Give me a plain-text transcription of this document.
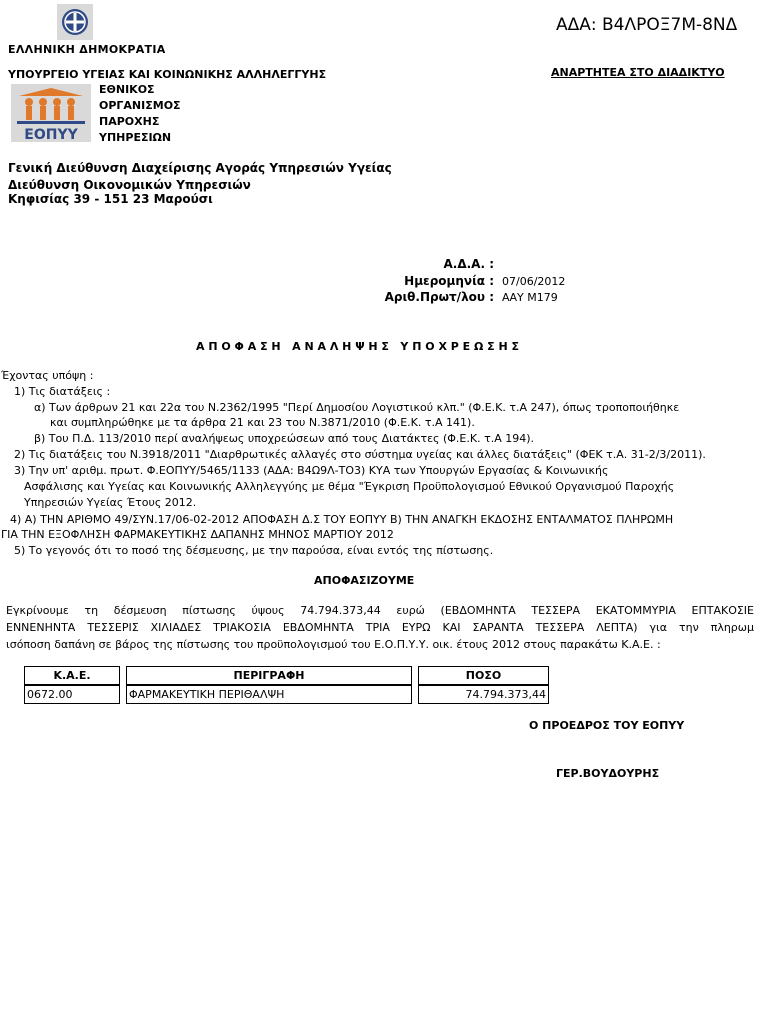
ΑΔΑ: Β4ΛΡΟΞ7Μ-8ΝΔ
ΕΛΛΗΝΙΚΗ ΔΗΜΟΚΡΑΤΙΑ
ΥΠΟΥΡΓΕΙΟ ΥΓΕΙΑΣ ΚΑΙ ΚΟΙΝΩΝΙΚΗΣ ΑΛΛΗΛΕΓΓΥΗΣ	ΑΝΑΡΤΗΤΕΑ ΣΤΟ ΔΙΑΔΙΚΤΥΟ
ΕΟΠΥΥ
ΕΘΝΙΚΟΣ
ΟΡΓΑΝΙΣΜΟΣ
ΠΑΡΟΧΗΣ
ΥΠΗΡΕΣΙΩΝ
Γενική Διεύθυνση Διαχείρισης Αγοράς Υπηρεσιών Υγείας
Διεύθυνση Οικονομικών Υπηρεσιών
Κηφισίας 39 - 151 23 Μαρούσι
Α.Δ.Α. :
Ημερομηνία : 07/06/2012
Αριθ.Πρωτ/λου : ΑΑΥ Μ179
Α Π Ο Φ Α Σ Η   Α Ν Α Λ Η Ψ Η Σ   Υ Π Ο Χ Ρ Ε Ω Σ Η Σ
Έχοντας υπόψη :
1) Τις διατάξεις :
α) Των άρθρων 21 και 22α του Ν.2362/1995 "Περί Δημοσίου Λογιστικού κλπ." (Φ.Ε.Κ. τ.Α 247), όπως τροποποιήθηκε
και συμπληρώθηκε με τα άρθρα 21 και 23 του Ν.3871/2010 (Φ.Ε.Κ. τ.Α 141).
β) Του Π.Δ. 113/2010 περί αναλήψεως υποχρεώσεων από τους Διατάκτες (Φ.Ε.Κ. τ.Α 194).
2) Τις διατάξεις του Ν.3918/2011 "Διαρθρωτικές αλλαγές στο σύστημα υγείας και άλλες διατάξεις" (ΦΕΚ τ.Α. 31-2/3/2011).
3) Την υπ' αριθμ. πρωτ. Φ.ΕΟΠΥΥ/5465/1133 (ΑΔΑ: Β4Ω9Λ-ΤΟ3) ΚΥΑ των Υπουργών Εργασίας & Κοινωνικής
Ασφάλισης και Υγείας και Κοινωνικής Αλληλεγγύης με θέμα "Έγκριση Προϋπολογισμού Εθνικού Οργανισμού Παροχής
Υπηρεσιών Υγείας Έτους 2012.
4) Α) ΤΗΝ ΑΡΙΘΜΟ 49/ΣΥΝ.17/06-02-2012 ΑΠΟΦΑΣΗ Δ.Σ ΤΟΥ ΕΟΠΥΥ Β) ΤΗΝ ΑΝΑΓΚΗ ΕΚΔΟΣΗΣ ΕΝΤΑΛΜΑΤΟΣ ΠΛΗΡΩΜΗ
ΓΙΑ ΤΗΝ ΕΞΟΦΛΗΣΗ ΦΑΡΜΑΚΕΥΤΙΚΗΣ ΔΑΠΑΝΗΣ ΜΗΝΟΣ ΜΑΡΤΙΟΥ 2012
5) Το γεγονός ότι το ποσό της δέσμευσης, με την παρούσα, είναι εντός της πίστωσης.
ΑΠΟΦΑΣΙΖΟΥΜΕ
Εγκρίνουμε τη δέσμευση πίστωσης ύψους 74.794.373,44 ευρώ (ΕΒΔΟΜΗΝΤΑ ΤΕΣΣΕΡΑ ΕΚΑΤΟΜΜΥΡΙΑ ΕΠΤΑΚΟΣΙΕ
ΕΝΝΕΝΗΝΤΑ ΤΕΣΣΕΡΙΣ ΧΙΛΙΑΔΕΣ ΤΡΙΑΚΟΣΙΑ ΕΒΔΟΜΗΝΤΑ ΤΡΙΑ ΕΥΡΩ ΚΑΙ ΣΑΡΑΝΤΑ ΤΕΣΣΕΡΑ ΛΕΠΤΑ) για την πληρωμ
ισόποση δαπάνη σε βάρος της πίστωσης του προϋπολογισμού του Ε.Ο.Π.Υ.Υ. οικ. έτους 2012 στους παρακάτω Κ.Α.Ε. :
Κ.Α.Ε.	ΠΕΡΙΓΡΑΦΗ	ΠΟΣΟ
0672.00	ΦΑΡΜΑΚΕΥΤΙΚΗ ΠΕΡΙΘΑΛΨΗ	74.794.373,44
Ο ΠΡΟΕΔΡΟΣ ΤΟΥ ΕΟΠΥΥ
ΓΕΡ.ΒΟΥΔΟΥΡΗΣ
